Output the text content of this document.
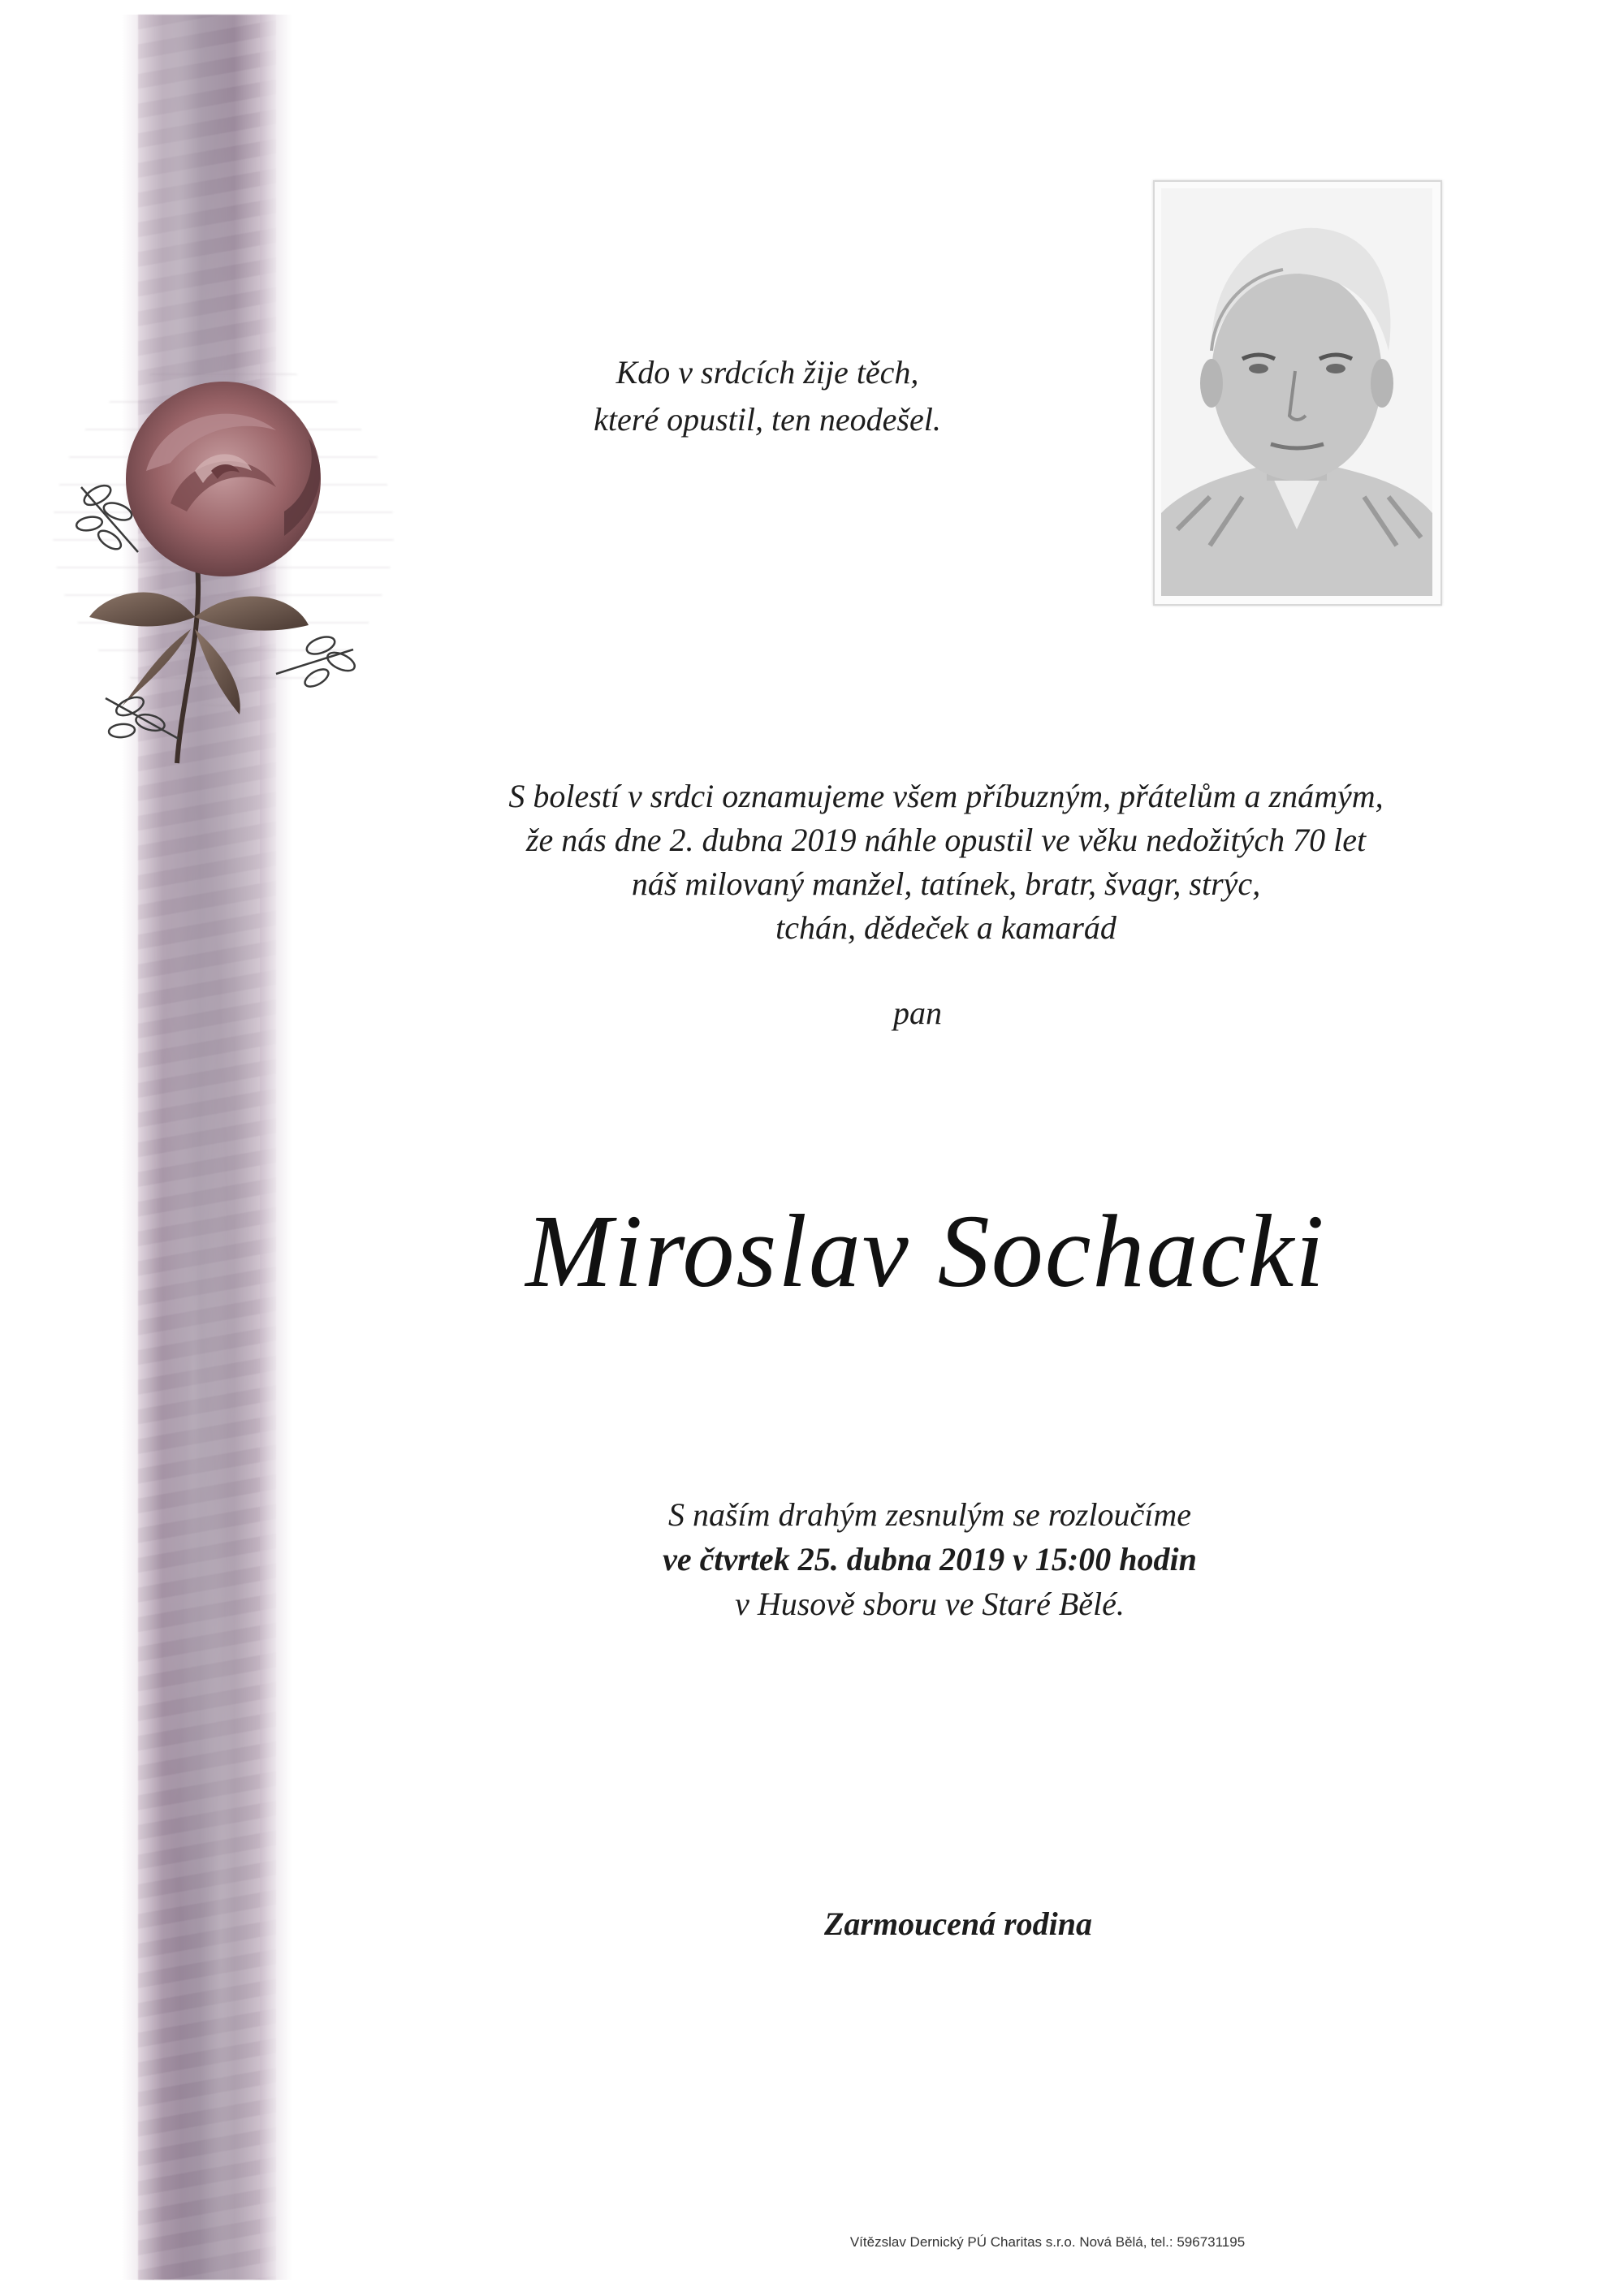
Kdo v srdcích žije těch,
které opustil, ten neodešel.
S bolestí v srdci oznamujeme všem příbuzným, přátelům a známým,
že nás dne 2. dubna 2019 náhle opustil ve věku nedožitých 70 let
náš milovaný manžel, tatínek, bratr, švagr, strýc,
tchán, dědeček a kamarád
pan
Miroslav Sochacki
S naším drahým zesnulým se rozloučíme
ve čtvrtek 25. dubna 2019 v 15:00 hodin
v Husově sboru ve Staré Bělé.
Zarmoucená rodina
Vítězslav Dernický PÚ Charitas s.r.o. Nová Bělá, tel.: 596731195
